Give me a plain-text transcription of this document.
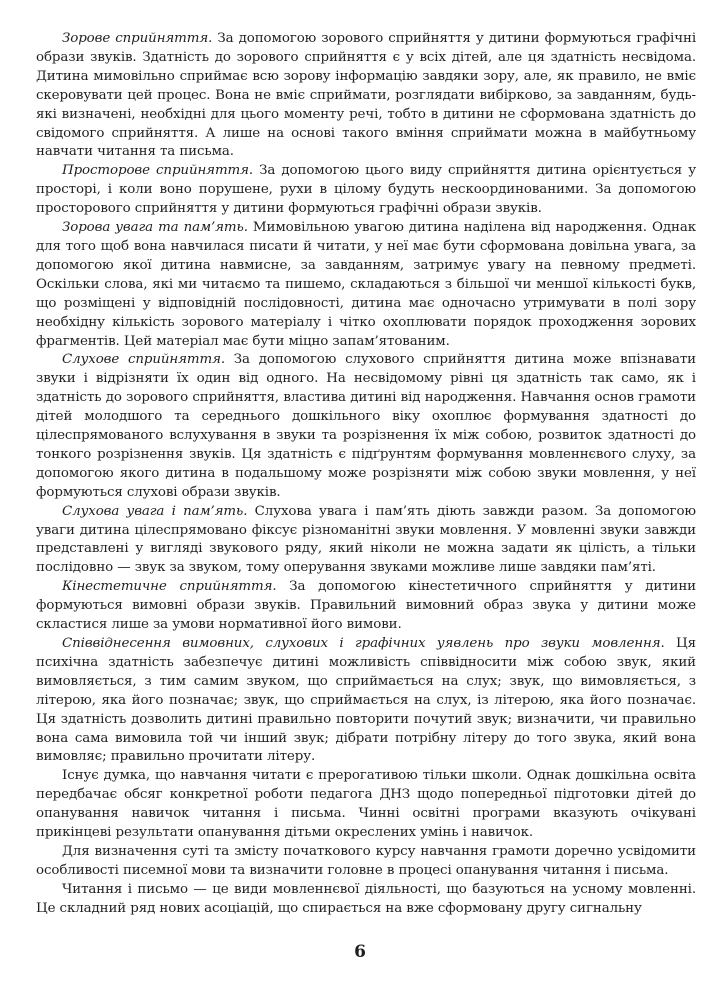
Зорове сприйняття. За допомогою зорового сприйняття у дитини формуються графічні образи звуків. Здатність до зорового сприйняття є у всіх дітей, але ця здатність несвідома. Дитина мимовільно сприймає всю зорову інформацію завдяки зору, але, як правило, не вміє скеровувати цей процес. Вона не вміє сприймати, розглядати вибірково, за завданням, будь-які визначені, необхідні для цього моменту речі, тобто в дитини не сформована здатність до свідомого сприйняття. А лише на основі такого вміння сприймати можна в майбутньому навчати читання та письма.

Просторове сприйняття. За допомогою цього виду сприйняття дитина орієнтується у просторі, і коли воно порушене, рухи в цілому будуть нескоординованими. За допомогою просторового сприйняття у дитини формуються графічні образи звуків.

Зорова увага та пам’ять. Мимовільною увагою дитина наділена від народження. Однак для того щоб вона навчилася писати й читати, у неї має бути сформована довільна увага, за допомогою якої дитина навмисне, за завданням, затримує увагу на певному предметі. Оскільки слова, які ми читаємо та пишемо, складаються з більшої чи меншої кількості букв, що розміщені у відповідній послідовності, дитина має одночасно утримувати в полі зору необхідну кількість зорового матеріалу і чітко охоплювати порядок проходження зорових фрагментів. Цей матеріал має бути міцно запам’ятованим.

Слухове сприйняття. За допомогою слухового сприйняття дитина може впізнавати звуки і відрізняти їх один від одного. На несвідомому рівні ця здатність так само, як і здатність до зорового сприйняття, властива дитині від народження. Навчання основ грамоти дітей молодшого та середнього дошкільного віку охоплює формування здатності до цілеспрямованого вслухування в звуки та розрізнення їх між собою, розвиток здатності до тонкого розрізнення звуків. Ця здатність є підґрунтям формування мовленнєвого слуху, за допомогою якого дитина в подальшому може розрізняти між собою звуки мовлення, у неї формуються слухові образи звуків.

Слухова увага і пам’ять. Слухова увага і пам’ять діють завжди разом. За допомогою уваги дитина цілеспрямовано фіксує різноманітні звуки мовлення. У мовленні звуки завжди представлені у вигляді звукового ряду, який ніколи не можна задати як цілість, а тільки послідовно — звук за звуком, тому оперування звуками можливе лише завдяки пам’яті.

Кінестетичне сприйняття. За допомогою кінестетичного сприйняття у дитини формуються вимовні образи звуків. Правильний вимовний образ звука у дитини може скластися лише за умови нормативної його вимови.

Співвіднесення вимовних, слухових і графічних уявлень про звуки мовлення. Ця психічна здатність забезпечує дитині можливість співвідносити між собою звук, який вимовляється, з тим самим звуком, що сприймається на слух; звук, що вимовляється, з літерою, яка його позначає; звук, що сприймається на слух, із літерою, яка його позначає. Ця здатність дозволить дитині правильно повторити почутий звук; визначити, чи правильно вона сама вимовила той чи інший звук; дібрати потрібну літеру до того звука, який вона вимовляє; правильно прочитати літеру.

Існує думка, що навчання читати є прерогативою тільки школи. Однак дошкільна освіта передбачає обсяг конкретної роботи педагога ДНЗ щодо попередньої підготовки дітей до опанування навичок читання і письма. Чинні освітні програми вказують очікувані прикінцеві результати опанування дітьми окреслених умінь і навичок.

Для визначення суті та змісту початкового курсу навчання грамоти доречно усвідомити особливості писемної мови та визначити головне в процесі опанування читання і письма.

Читання і письмо — це види мовленнєвої діяльності, що базуються на усному мовленні. Це складний ряд нових асоціацій, що спирається на вже сформовану другу сигнальну

6
